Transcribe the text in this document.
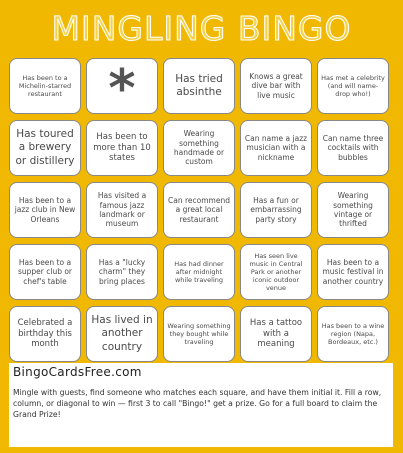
MINGLING BINGO
Has been to a Michelin-starred restaurant *	Has tried absinthe
Knows a great dive bar with live music
Has met a celebrity (and will name-drop who!)
Has toured a brewery or distillery
Has been to more than 10 states
Wearing something handmade or custom
Can name a jazz musician with a nickname
Can name three cocktails with bubbles
Has been to a jazz club in New Orleans
Has visited a famous jazz landmark or museum
Can recommend a great local restaurant
Has a fun or embarrassing party story
Wearing something vintage or thrifted
Has been to a supper club or chef's table
Has a "lucky charm" they bring places
Has had dinner after midnight while traveling
Has seen live music in Central Park or another iconic outdoor venue
Has been to a music festival in another country
Celebrated a birthday this month
Has lived in another country
Wearing something they bought while traveling
Has a tattoo with a meaning
Has been to a wine region (Napa, Bordeaux, etc.)
BingoCardsFree.com
Mingle with guests, find someone who matches each square, and have them initial it. Fill a row, column, or diagonal to win — first 3 to call "Bingo!" get a prize. Go for a full board to claim the Grand Prize!
